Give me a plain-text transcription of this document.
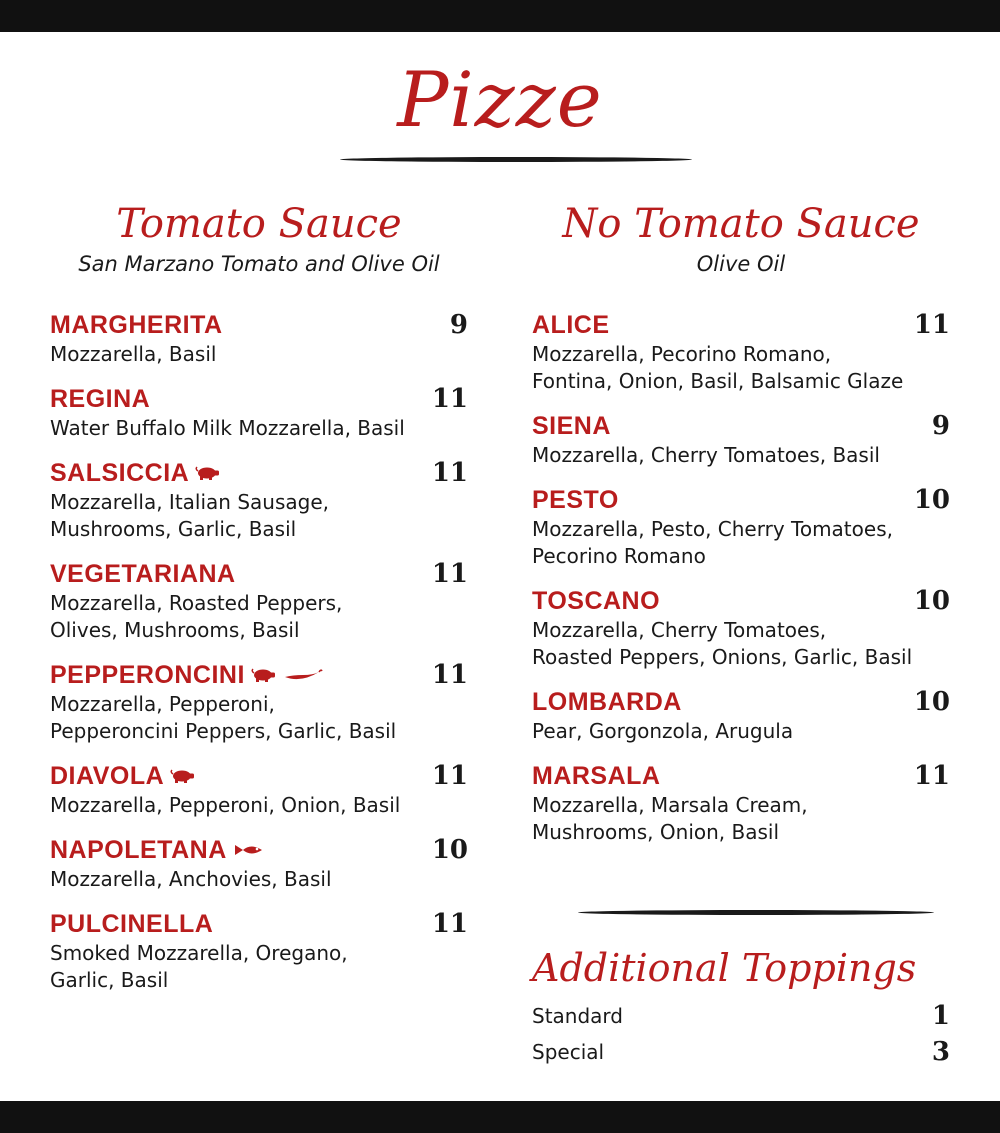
Pizze
Tomato Sauce
San Marzano Tomato and Olive Oil
MARGHERITA	9
Mozzarella, Basil
REGINA	11
Water Buffalo Milk Mozzarella, Basil
SALSICCIA	11
Mozzarella, Italian Sausage,
Mushrooms, Garlic, Basil
VEGETARIANA	11
Mozzarella, Roasted Peppers,
Olives, Mushrooms, Basil
PEPPERONCINI	11
Mozzarella, Pepperoni,
Pepperoncini Peppers, Garlic, Basil
DIAVOLA	11
Mozzarella, Pepperoni, Onion, Basil
NAPOLETANA	10
Mozzarella, Anchovies, Basil
PULCINELLA	11
Smoked Mozzarella, Oregano,
Garlic, Basil
No Tomato Sauce
Olive Oil
ALICE	11
Mozzarella, Pecorino Romano,
Fontina, Onion, Basil, Balsamic Glaze
SIENA	9
Mozzarella, Cherry Tomatoes, Basil
PESTO	10
Mozzarella, Pesto, Cherry Tomatoes,
Pecorino Romano
TOSCANO	10
Mozzarella, Cherry Tomatoes,
Roasted Peppers, Onions, Garlic, Basil
LOMBARDA	10
Pear, Gorgonzola, Arugula
MARSALA	11
Mozzarella, Marsala Cream,
Mushrooms, Onion, Basil
Additional Toppings
Standard	1
Special	3
